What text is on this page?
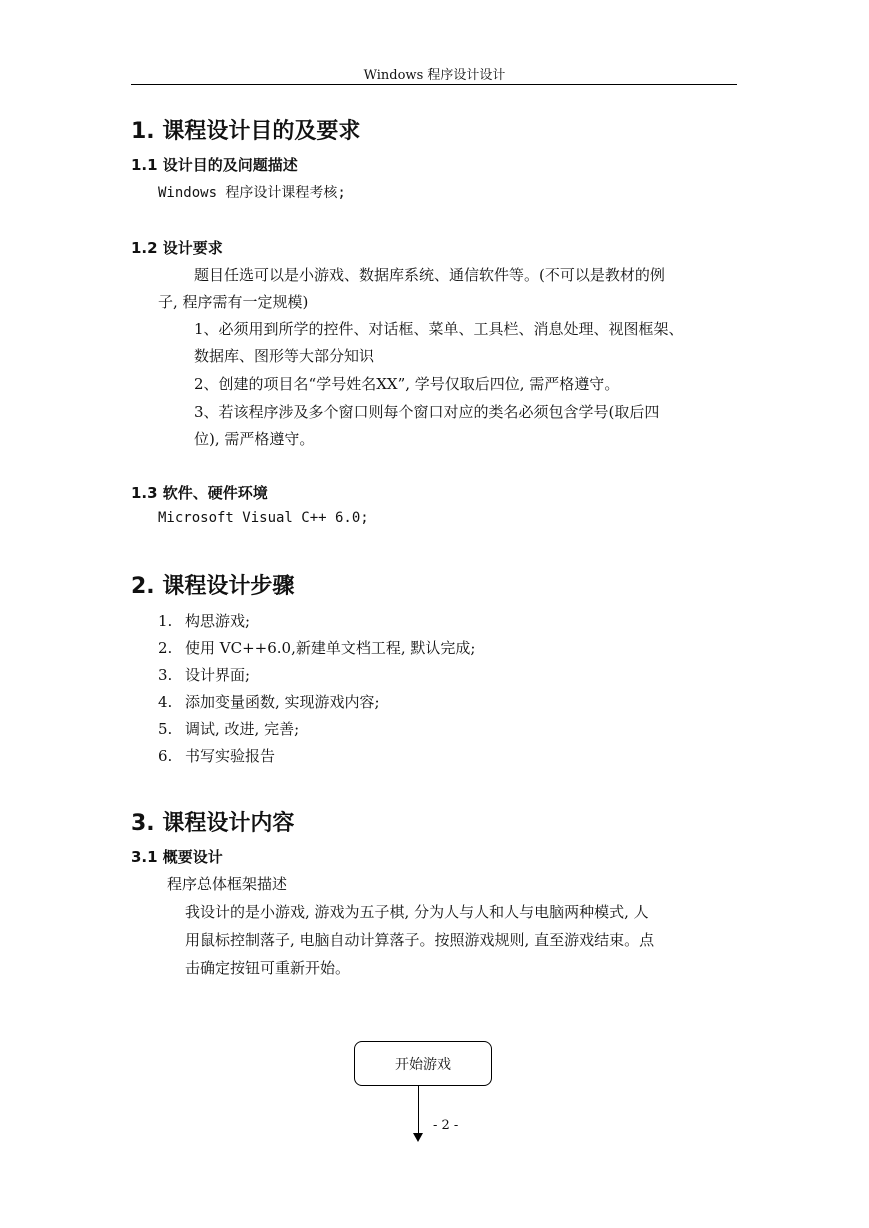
Windows 程序设计设计
1. 课程设计目的及要求
1.1 设计目的及问题描述
Windows 程序设计课程考核;
1.2 设计要求
题目任选可以是小游戏、数据库系统、通信软件等。(不可以是教材的例
子, 程序需有一定规模)
1、必须用到所学的控件、对话框、菜单、工具栏、消息处理、视图框架、
数据库、图形等大部分知识
2、创建的项目名“学号姓名XX”, 学号仅取后四位, 需严格遵守。
3、若该程序涉及多个窗口则每个窗口对应的类名必须包含学号(取后四
位), 需严格遵守。
1.3 软件、硬件环境
Microsoft Visual C++ 6.0;
2. 课程设计步骤
1. 构思游戏;
2. 使用 VC++6.0,新建单文档工程, 默认完成;
3. 设计界面;
4. 添加变量函数, 实现游戏内容;
5. 调试, 改进, 完善;
6. 书写实验报告
3. 课程设计内容
3.1 概要设计
程序总体框架描述
我设计的是小游戏, 游戏为五子棋, 分为人与人和人与电脑两种模式, 人
用鼠标控制落子, 电脑自动计算落子。按照游戏规则, 直至游戏结束。点
击确定按钮可重新开始。
开始游戏
- 2 -
